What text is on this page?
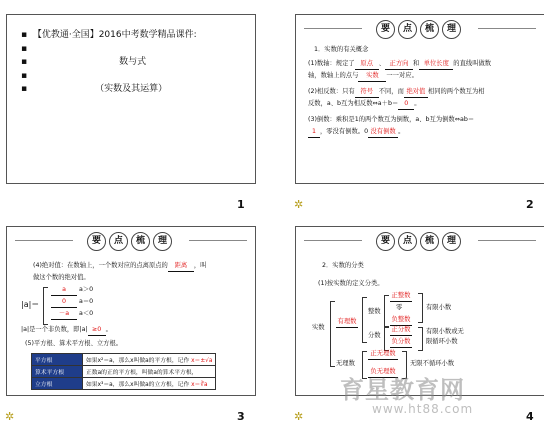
▪  【优教通·全国】2016中考数学精品课件:
▪
▪	数与式
▪
▪	（实数及其运算）
1
要	点	梳	理
1．实数的有关概念
(1)数轴：规定了 原点 、 正方向 和 单位长度 的直线叫做数
轴，数轴上的点与 实数 一一对应。
(2)相反数：只有 符号 不同，而 绝对值 相同的两个数互为相
反数，a、b互为相反数⇔a＋b＝ 0 。
(3)倒数：乘积是1的两个数互为倒数，a、b互为倒数⇔ab＝
1 ，零没有倒数。0 没有倒数 。
✲	2
要	点	梳	理
(4)绝对值：在数轴上，一个数对应的点离原点的 距离 ，叫
做这个数的绝对值。
|a|＝
a a＞0
0 a＝0
－a a＜0
|a|是一个非负数，即|a| ≥0 。
(5)平方根、算术平方根、立方根。
平方根	如果x²＝a，那么x叫做a的平方根，记作 x＝±√a
算术平方根	正数a的正的平方根，叫做a的算术平方根，
立方根	如果x³＝a，那么x叫做a的立方根，记作 x＝∛a
✲	3
要	点	梳	理
2．实数的分类
(1)按实数的定义分类。
实数
有理数
整数
正整数
零
负整数
有限小数
分数
正分数
负分数
有限小数或无
限循环小数
无理数
正无理数
负无理数
无限不循环小数
✲	4
育星教育网
www.ht88.com
